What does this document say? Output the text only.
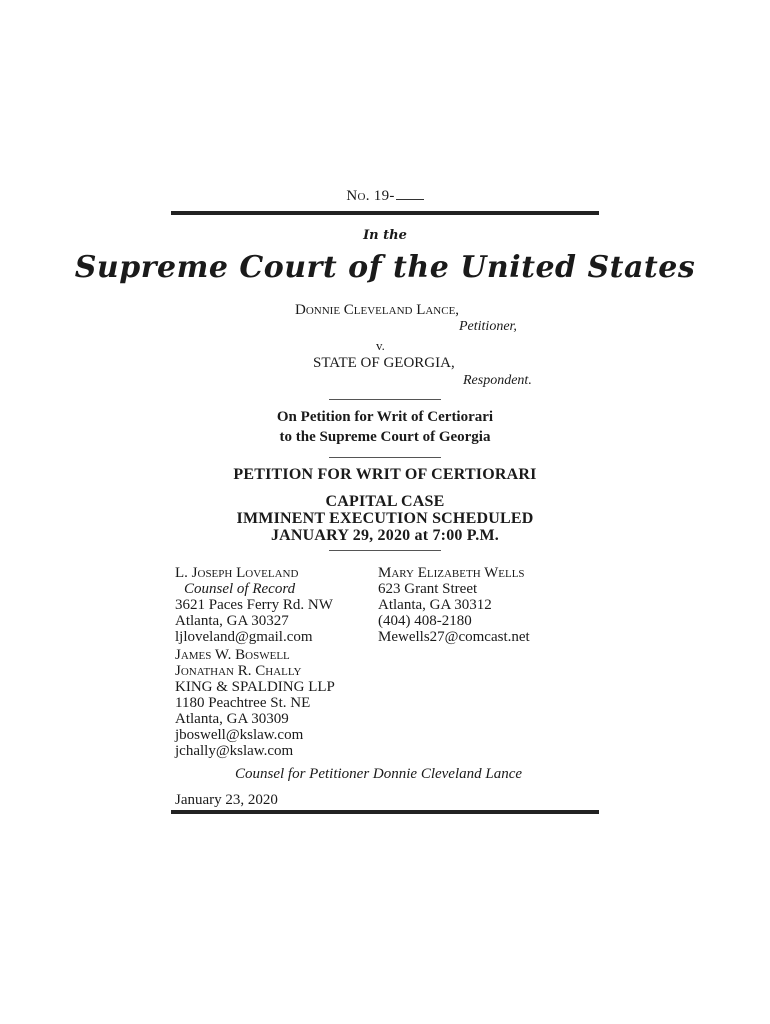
No. 19-
In the
Supreme Court of the United States
Donnie Cleveland Lance,
Petitioner,
v.
STATE OF GEORGIA,
Respondent.
On Petition for Writ of Certiorari
to the Supreme Court of Georgia
PETITION FOR WRIT OF CERTIORARI
CAPITAL CASE
IMMINENT EXECUTION SCHEDULED
JANUARY 29, 2020 at 7:00 P.M.
L. Joseph Loveland
Counsel of Record
3621 Paces Ferry Rd. NW
Atlanta, GA 30327
ljloveland@gmail.com
Mary Elizabeth Wells
623 Grant Street
Atlanta, GA 30312
(404) 408-2180
Mewells27@comcast.net
James W. Boswell
Jonathan R. Chally
KING & SPALDING LLP
1180 Peachtree St. NE
Atlanta, GA 30309
jboswell@kslaw.com
jchally@kslaw.com
Counsel for Petitioner Donnie Cleveland Lance
January 23, 2020
